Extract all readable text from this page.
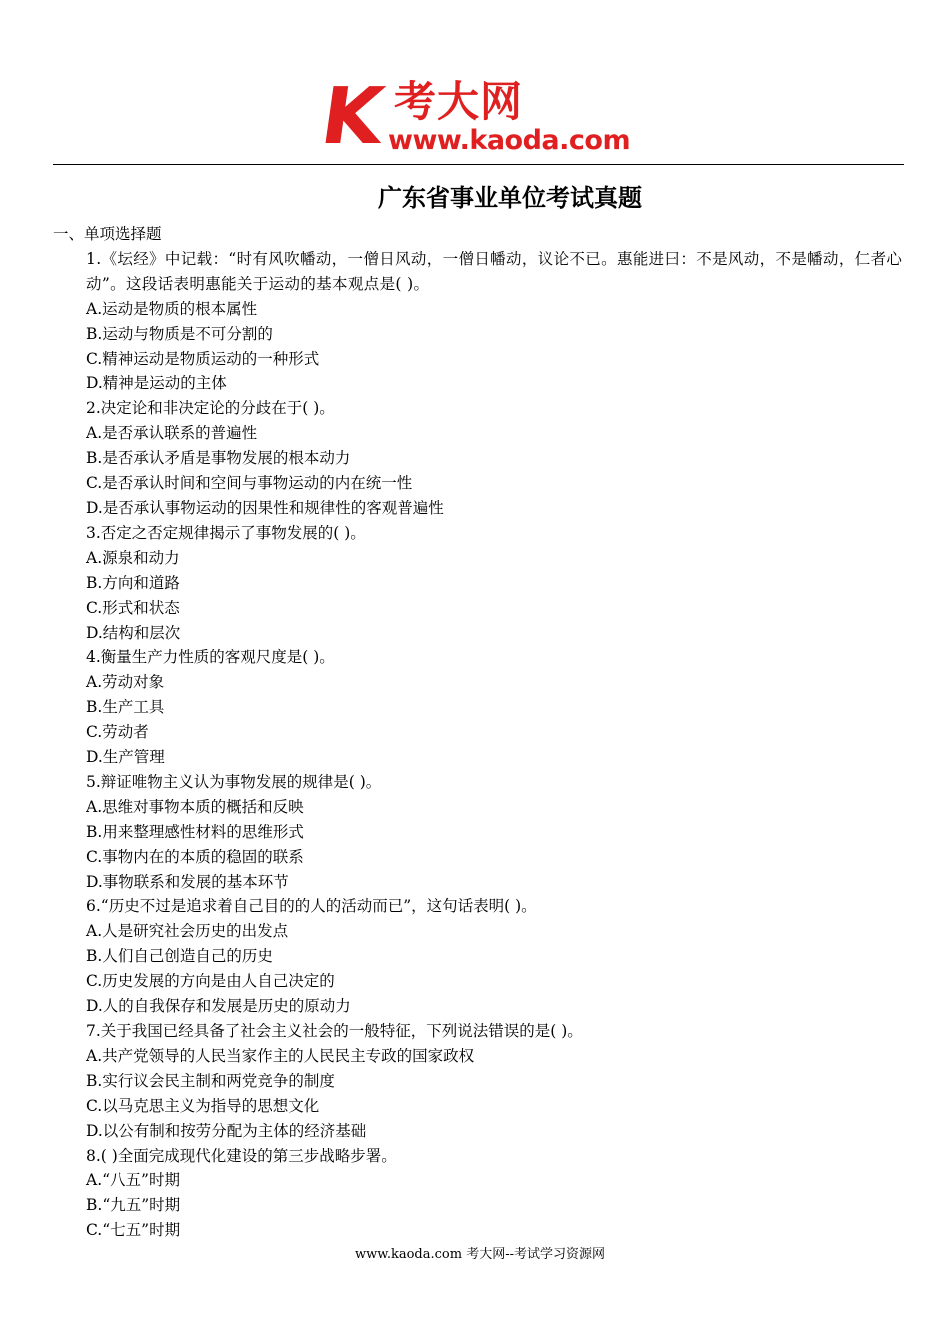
K 考大网
www.kaoda.com
广东省事业单位考试真题
一、单项选择题
1.《坛经》中记载：“时有风吹幡动，一僧日风动，一僧日幡动，议论不已。惠能进曰：不是风动，不是幡动，仁者心动”。这段话表明惠能关于运动的基本观点是( )。
A.运动是物质的根本属性
B.运动与物质是不可分割的
C.精神运动是物质运动的一种形式
D.精神是运动的主体
2.决定论和非决定论的分歧在于( )。
A.是否承认联系的普遍性
B.是否承认矛盾是事物发展的根本动力
C.是否承认时间和空间与事物运动的内在统一性
D.是否承认事物运动的因果性和规律性的客观普遍性
3.否定之否定规律揭示了事物发展的( )。
A.源泉和动力
B.方向和道路
C.形式和状态
D.结构和层次
4.衡量生产力性质的客观尺度是( )。
A.劳动对象
B.生产工具
C.劳动者
D.生产管理
5.辩证唯物主义认为事物发展的规律是( )。
A.思维对事物本质的概括和反映
B.用来整理感性材料的思维形式
C.事物内在的本质的稳固的联系
D.事物联系和发展的基本环节
6.“历史不过是追求着自己目的的人的活动而已”，这句话表明( )。
A.人是研究社会历史的出发点
B.人们自己创造自己的历史
C.历史发展的方向是由人自己决定的
D.人的自我保存和发展是历史的原动力
7.关于我国已经具备了社会主义社会的一般特征，下列说法错误的是( )。
A.共产党领导的人民当家作主的人民民主专政的国家政权
B.实行议会民主制和两党竞争的制度
C.以马克思主义为指导的思想文化
D.以公有制和按劳分配为主体的经济基础
8.( )全面完成现代化建设的第三步战略步署。
A.“八五”时期
B.“九五”时期
C.“七五”时期
www.kaoda.com 考大网--考试学习资源网
